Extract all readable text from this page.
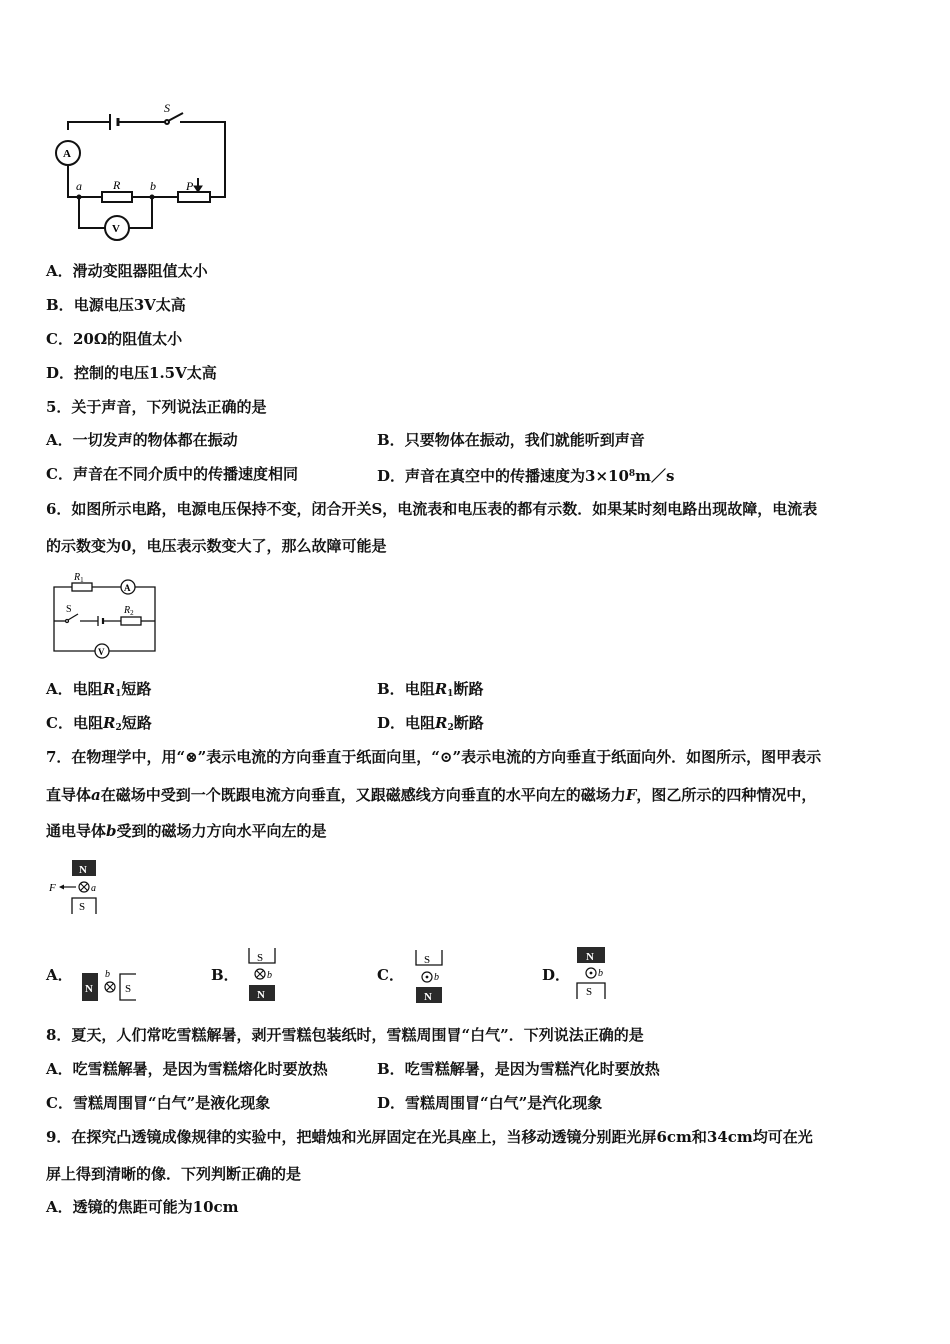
S
a	R b	P
A
V
A．滑动变阻器阻值太小
B．电源电压3V太高
C．20Ω的阻值太小
D．控制的电压1.5V太高
5．关于声音，下列说法正确的是
A．一切发声的物体都在振动	B．只要物体在振动，我们就能听到声音
C．声音在不同介质中的传播速度相同	D．声音在真空中的传播速度为$3\times 10^8m/s$
6．如图所示电路，电源电压保持不变，闭合开关S，电流表和电压表的都有示数．如果某时刻电路出现故障，电流表
的示数变为0，电压表示数变大了，那么故障可能是
$R_1$
$R_2$
S
A
V
A．电阻$R_1$短路	B．电阻$R_1$断路
C．电阻$R_2$短路	D．电阻$R_2$断路
7．在物理学中，用“⊗”表示电流的方向垂直于纸面向里，“⊙”表示电流的方向垂直于纸面向外．如图所示，图甲表示
直导体a在磁场中受到一个既跟电流方向垂直，又跟磁感线方向垂直的水平向左的磁场力F，图乙所示的四种情况中，
通电导体b受到的磁场力方向水平向左的是
N
F	a
S
A．
N
b
S
B．
S
b
N
C．
S
b
N
D．
N
b
S
8．夏天，人们常吃雪糕解暑，剥开雪糕包装纸时，雪糕周围冒“白气”．下列说法正确的是
A．吃雪糕解暑，是因为雪糕熔化时要放热	B．吃雪糕解暑，是因为雪糕汽化时要放热
C．雪糕周围冒“白气”是液化现象	D．雪糕周围冒“白气”是汽化现象
9．在探究凸透镜成像规律的实验中，把蜡烛和光屏固定在光具座上，当移动透镜分别距光屏6cm和34cm均可在光
屏上得到清晰的像．下列判断正确的是
A．透镜的焦距可能为10cm
